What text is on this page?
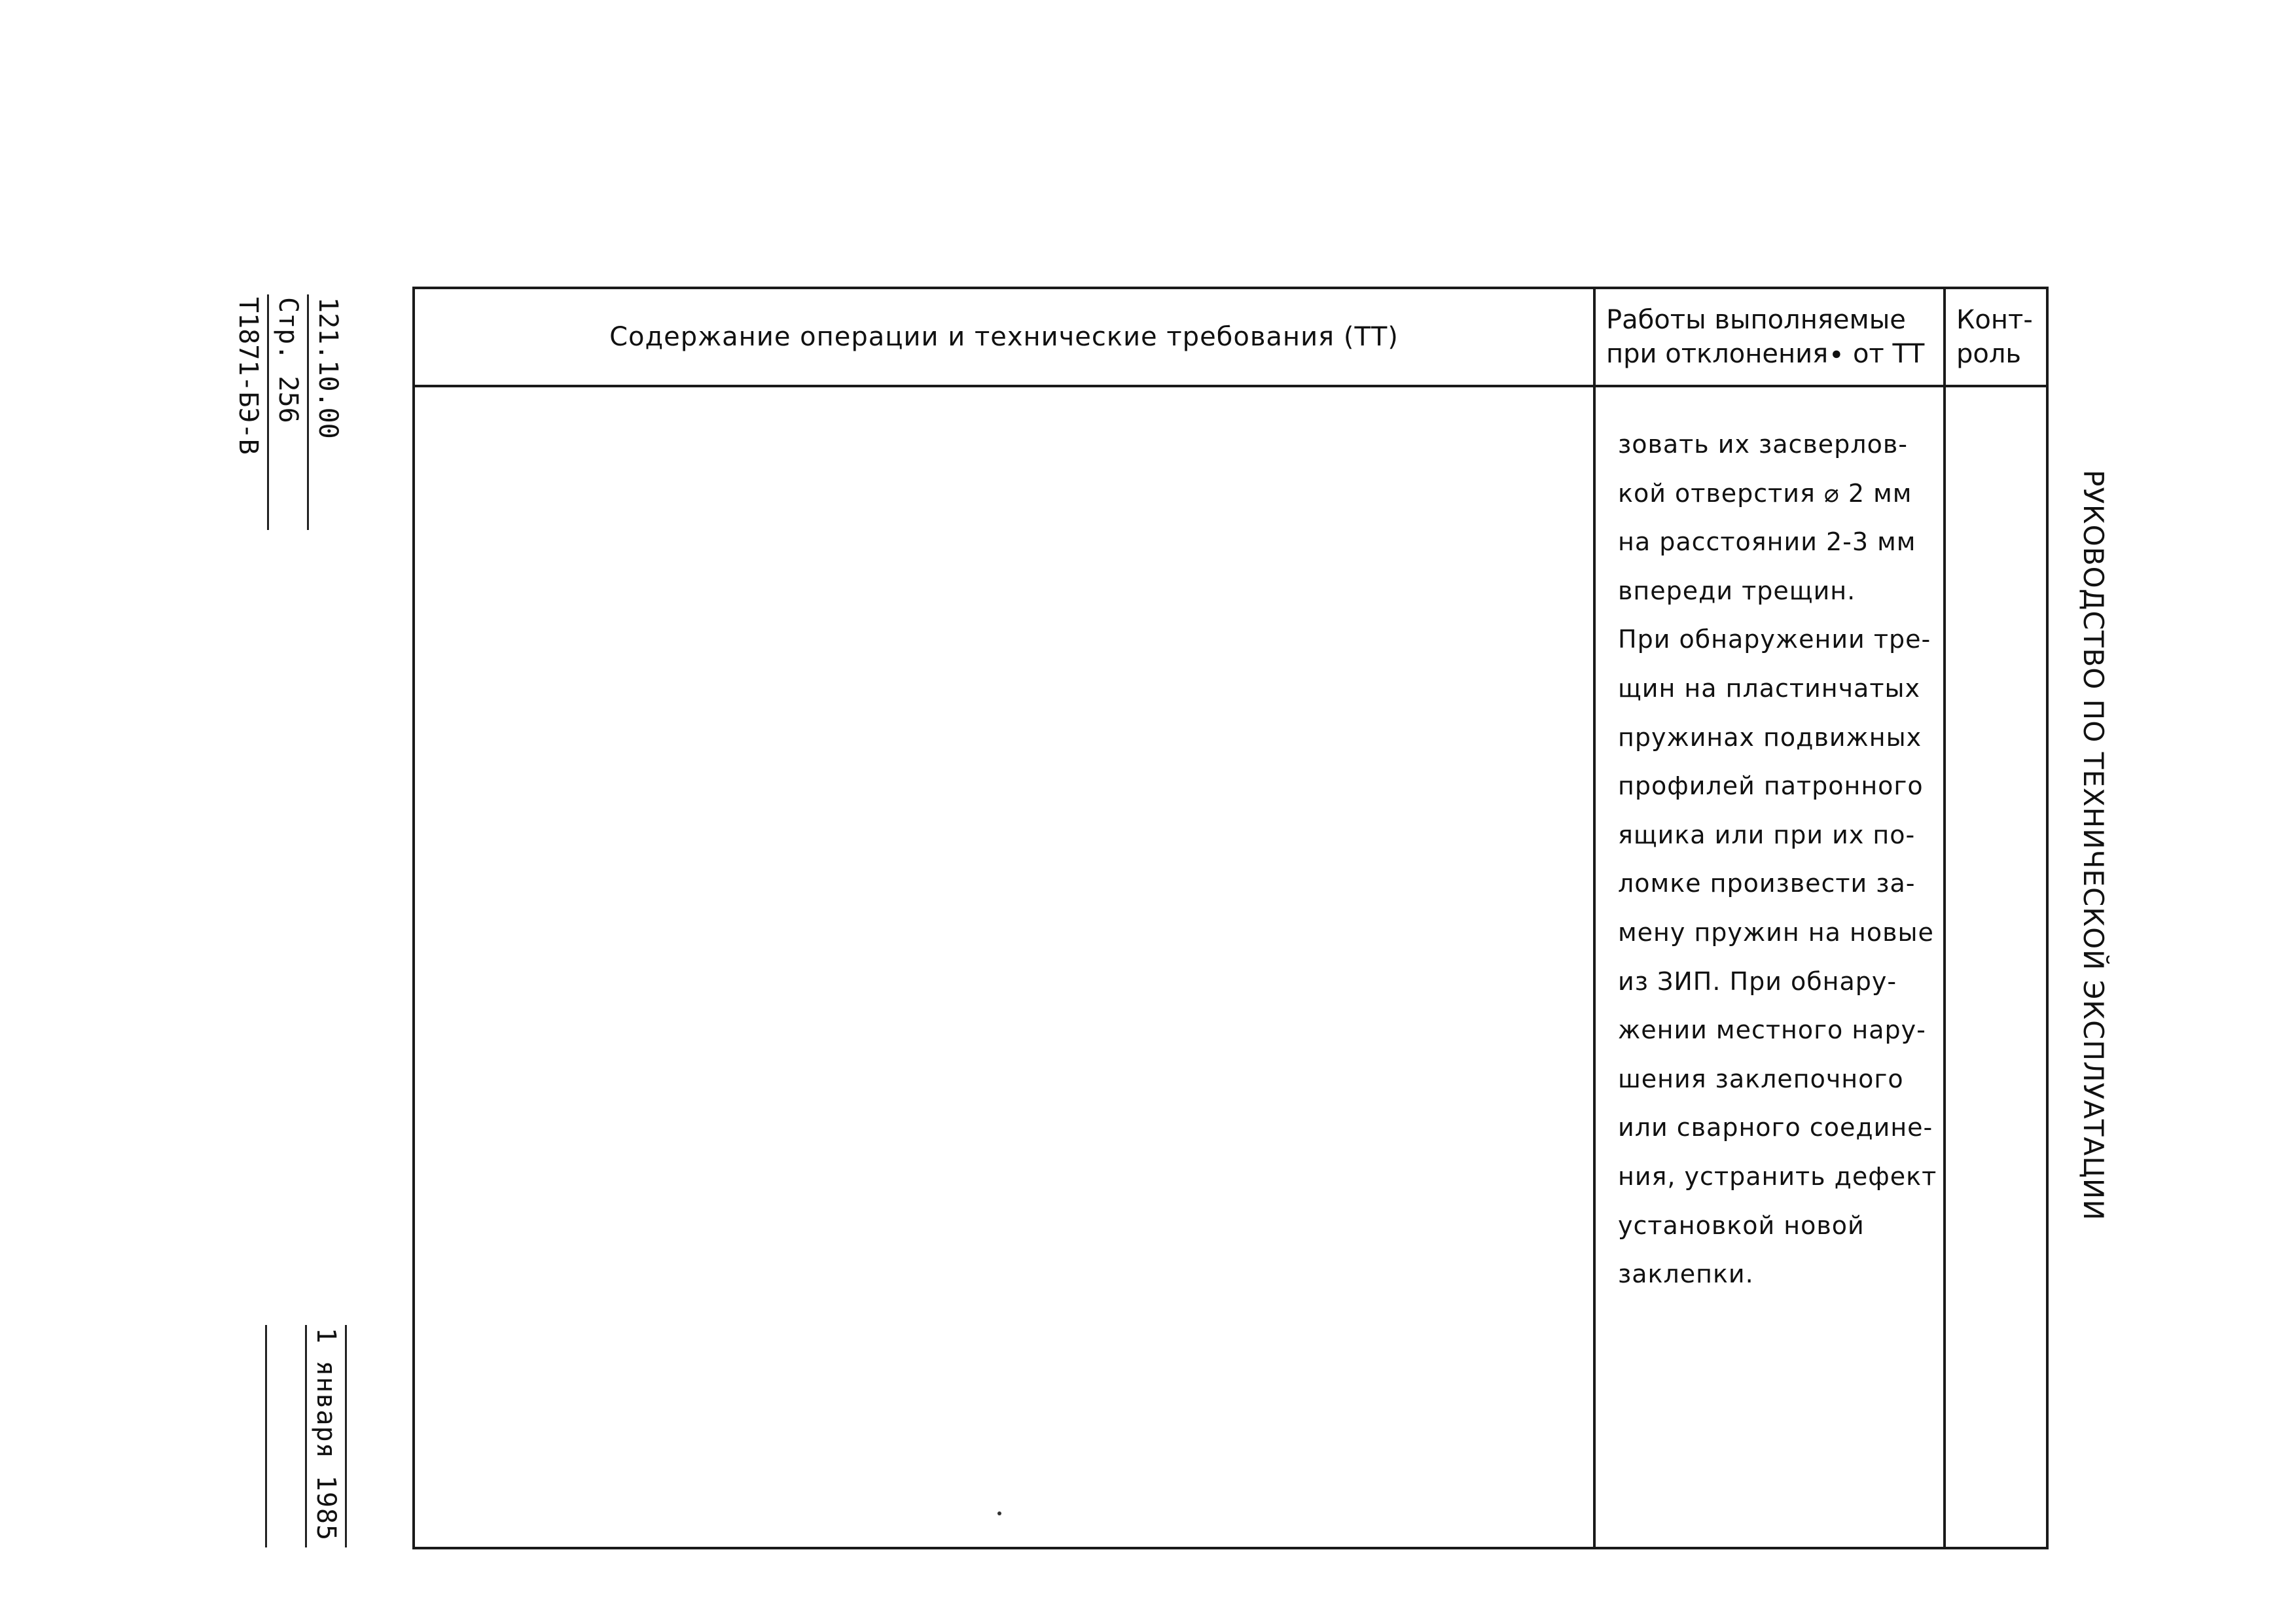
121.10.00
Стр. 256
Т1871-БЭ-В
1 января 1985
РУКОВОДСТВО ПО ТЕХНИЧЕСКОЙ ЭКСПЛУАТАЦИИ
Содержание операции и технические требования (ТТ)
Работы выполняемые
при отклонения∙ от ТТ
Конт-
роль
зовать их засверлов-
кой отверстия ⌀ 2 мм
на расстоянии 2-3 мм
впереди трещин.
При обнаружении тре-
щин на пластинчатых
пружинах подвижных
профилей патронного
ящика или при их по-
ломке произвести за-
мену пружин на новые
из ЗИП. При обнару-
жении местного нару-
шения заклепочного
или сварного соедине-
ния, устранить дефект
установкой новой
заклепки.
